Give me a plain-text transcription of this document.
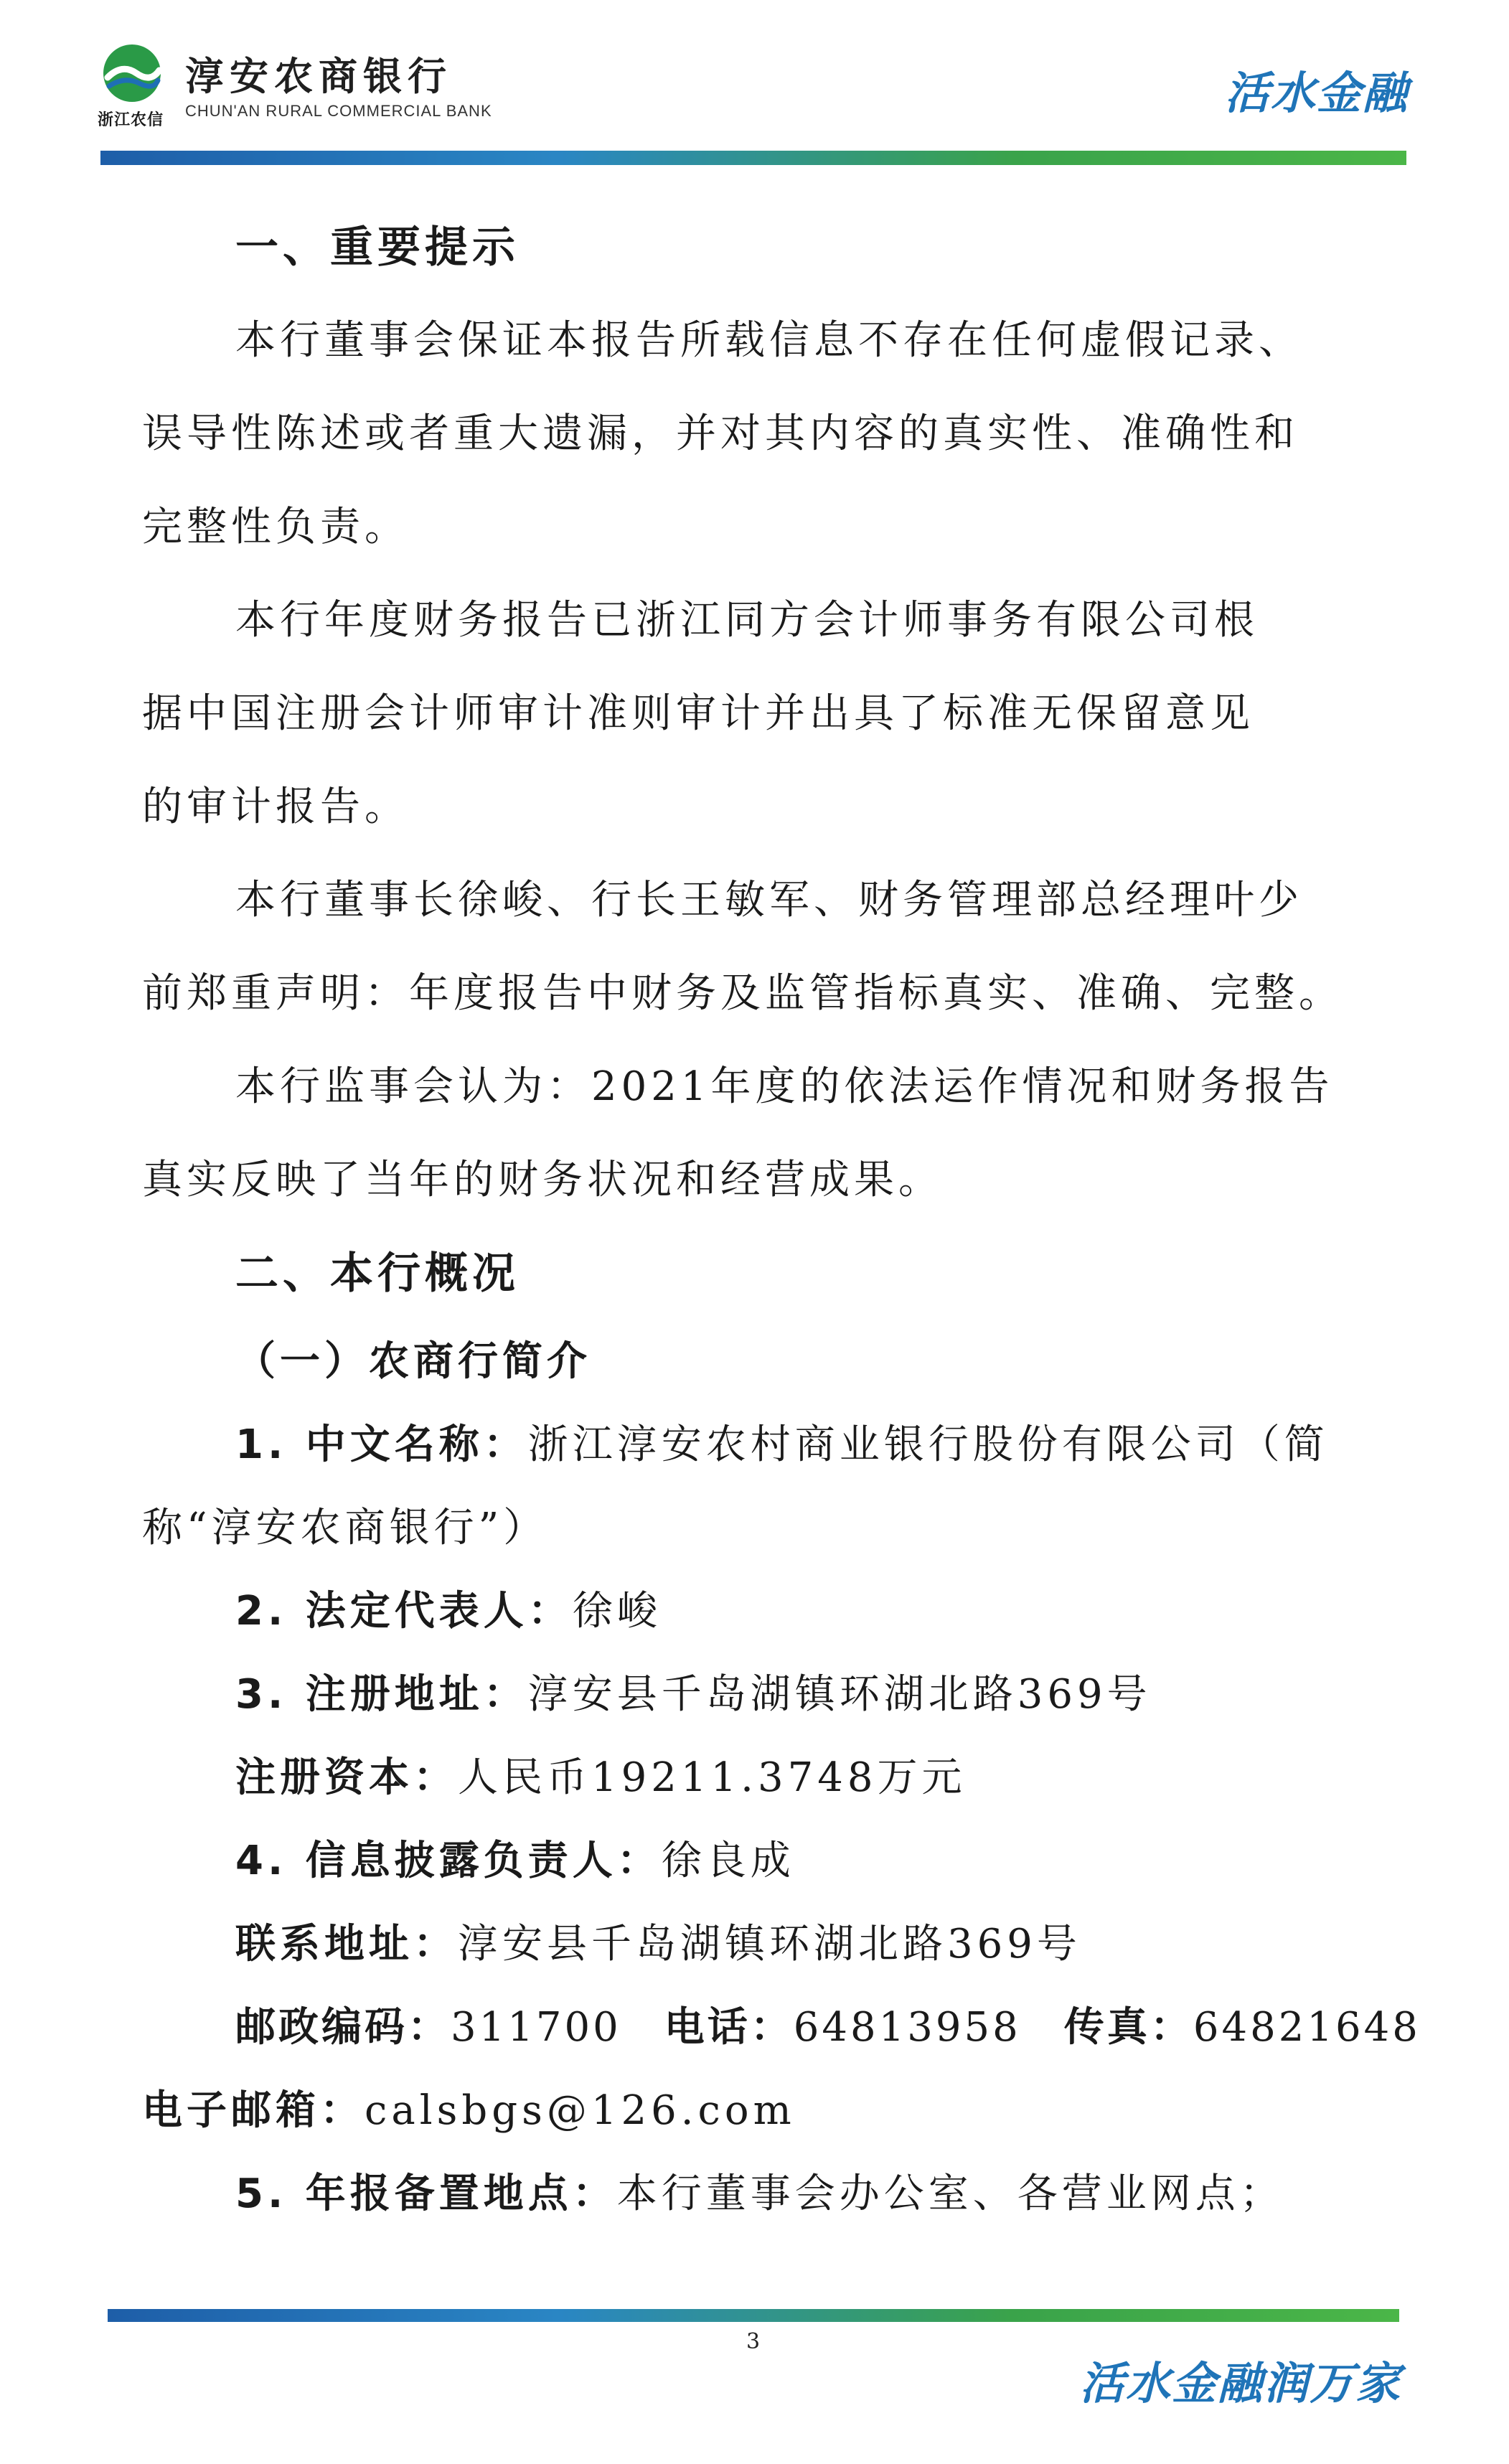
浙江农信
淳安农商银行
CHUN'AN RURAL COMMERCIAL BANK	活水金融
一、重要提示
本行董事会保证本报告所载信息不存在任何虚假记录、
误导性陈述或者重大遗漏，并对其内容的真实性、准确性和
完整性负责。
本行年度财务报告已浙江同方会计师事务有限公司根
据中国注册会计师审计准则审计并出具了标准无保留意见
的审计报告。
本行董事长徐峻、行长王敏军、财务管理部总经理叶少
前郑重声明：年度报告中财务及监管指标真实、准确、完整。
本行监事会认为：2021年度的依法运作情况和财务报告
真实反映了当年的财务状况和经营成果。
二、本行概况
（一）农商行简介
1. 中文名称：浙江淳安农村商业银行股份有限公司（简
称“淳安农商银行”）
2. 法定代表人：徐峻
3. 注册地址：淳安县千岛湖镇环湖北路369号
注册资本：人民币19211.3748万元
4. 信息披露负责人：徐良成
联系地址：淳安县千岛湖镇环湖北路369号
邮政编码：311700 电话：64813958 传真：64821648
电子邮箱：calsbgs@126.com
5. 年报备置地点：本行董事会办公室、各营业网点；
3
活水金融润万家
